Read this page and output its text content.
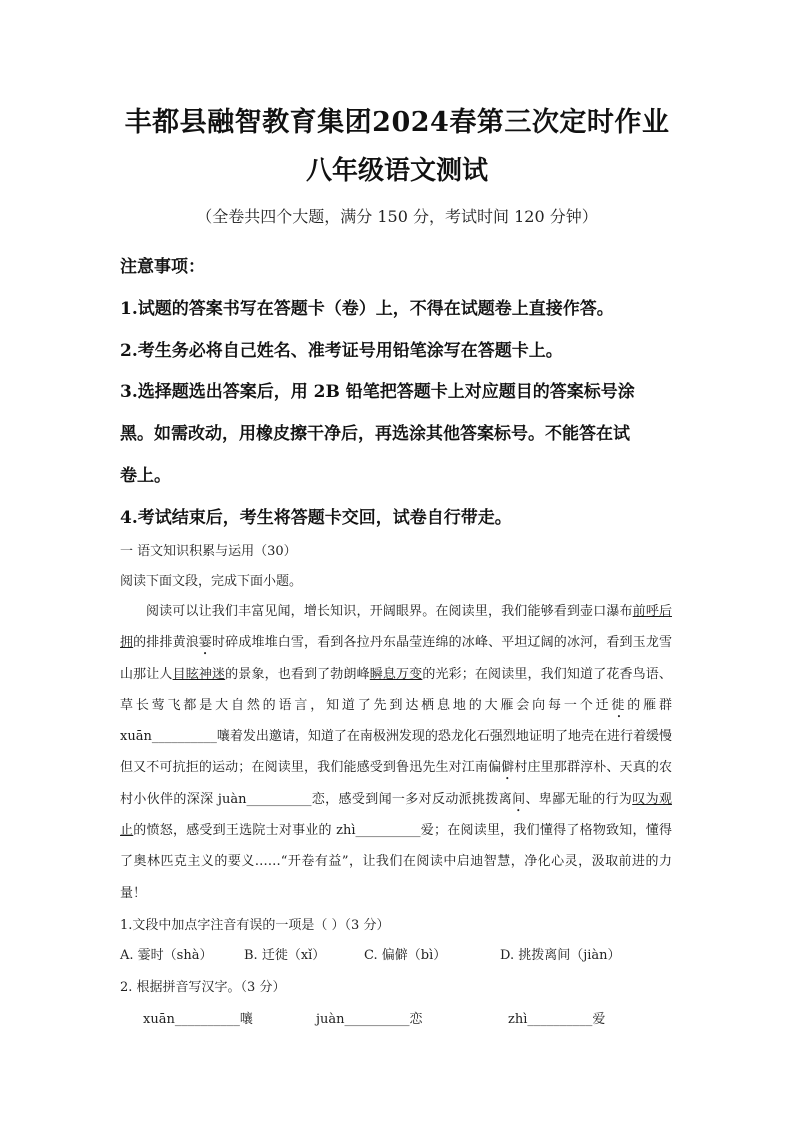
丰都县融智教育集团2024春第三次定时作业
八年级语文测试
（全卷共四个大题，满分 150 分，考试时间 120 分钟）
注意事项：
1.试题的答案书写在答题卡（卷）上，不得在试题卷上直接作答。
2.考生务必将自己姓名、准考证号用铅笔涂写在答题卡上。
3.选择题选出答案后，用 2B 铅笔把答题卡上对应题目的答案标号涂
黑。如需改动，用橡皮擦干净后，再选涂其他答案标号。不能答在试
卷上。
4.考试结束后，考生将答题卡交回，试卷自行带走。
一 语文知识积累与运用（30）
阅读下面文段，完成下面小题。

阅读可以让我们丰富见闻，增长知识，开阔眼界。在阅读里，我们能够看到壶口瀑布前呼后拥的排排黄浪霎时碎成堆堆白雪，看到各拉丹东晶莹连绵的冰峰、平坦辽阔的冰河，看到玉龙雪山那让人目眩神迷的景象，也看到了勃朗峰瞬息万变的光彩；在阅读里，我们知道了花香鸟语、草长莺飞都是大自然的语言，知道了先到达栖息地的大雁会向每一个迁徙的雁群 xuān__________嚷着发出邀请，知道了在南极洲发现的恐龙化石强烈地证明了地壳在进行着缓慢但又不可抗拒的运动；在阅读里，我们能感受到鲁迅先生对江南偏僻村庄里那群淳朴、天真的农村小伙伴的深深 juàn__________恋，感受到闻一多对反动派挑拨离间、卑鄙无耻的行为叹为观止的愤怒，感受到王选院士对事业的 zhì__________爱；在阅读里，我们懂得了格物致知，懂得了奥林匹克主义的要义……“开卷有益”，让我们在阅读中启迪智慧，净化心灵，汲取前进的力量！

1.文段中加点字注音有误的一项是（ ）（3 分）
A. 霎时（shà） B. 迁徙（xǐ）	C. 偏僻（bì）	D. 挑拨离间（jiàn）
2. 根据拼音写汉字。（3 分）
xuān__________嚷	juàn__________恋	zhì__________爱
